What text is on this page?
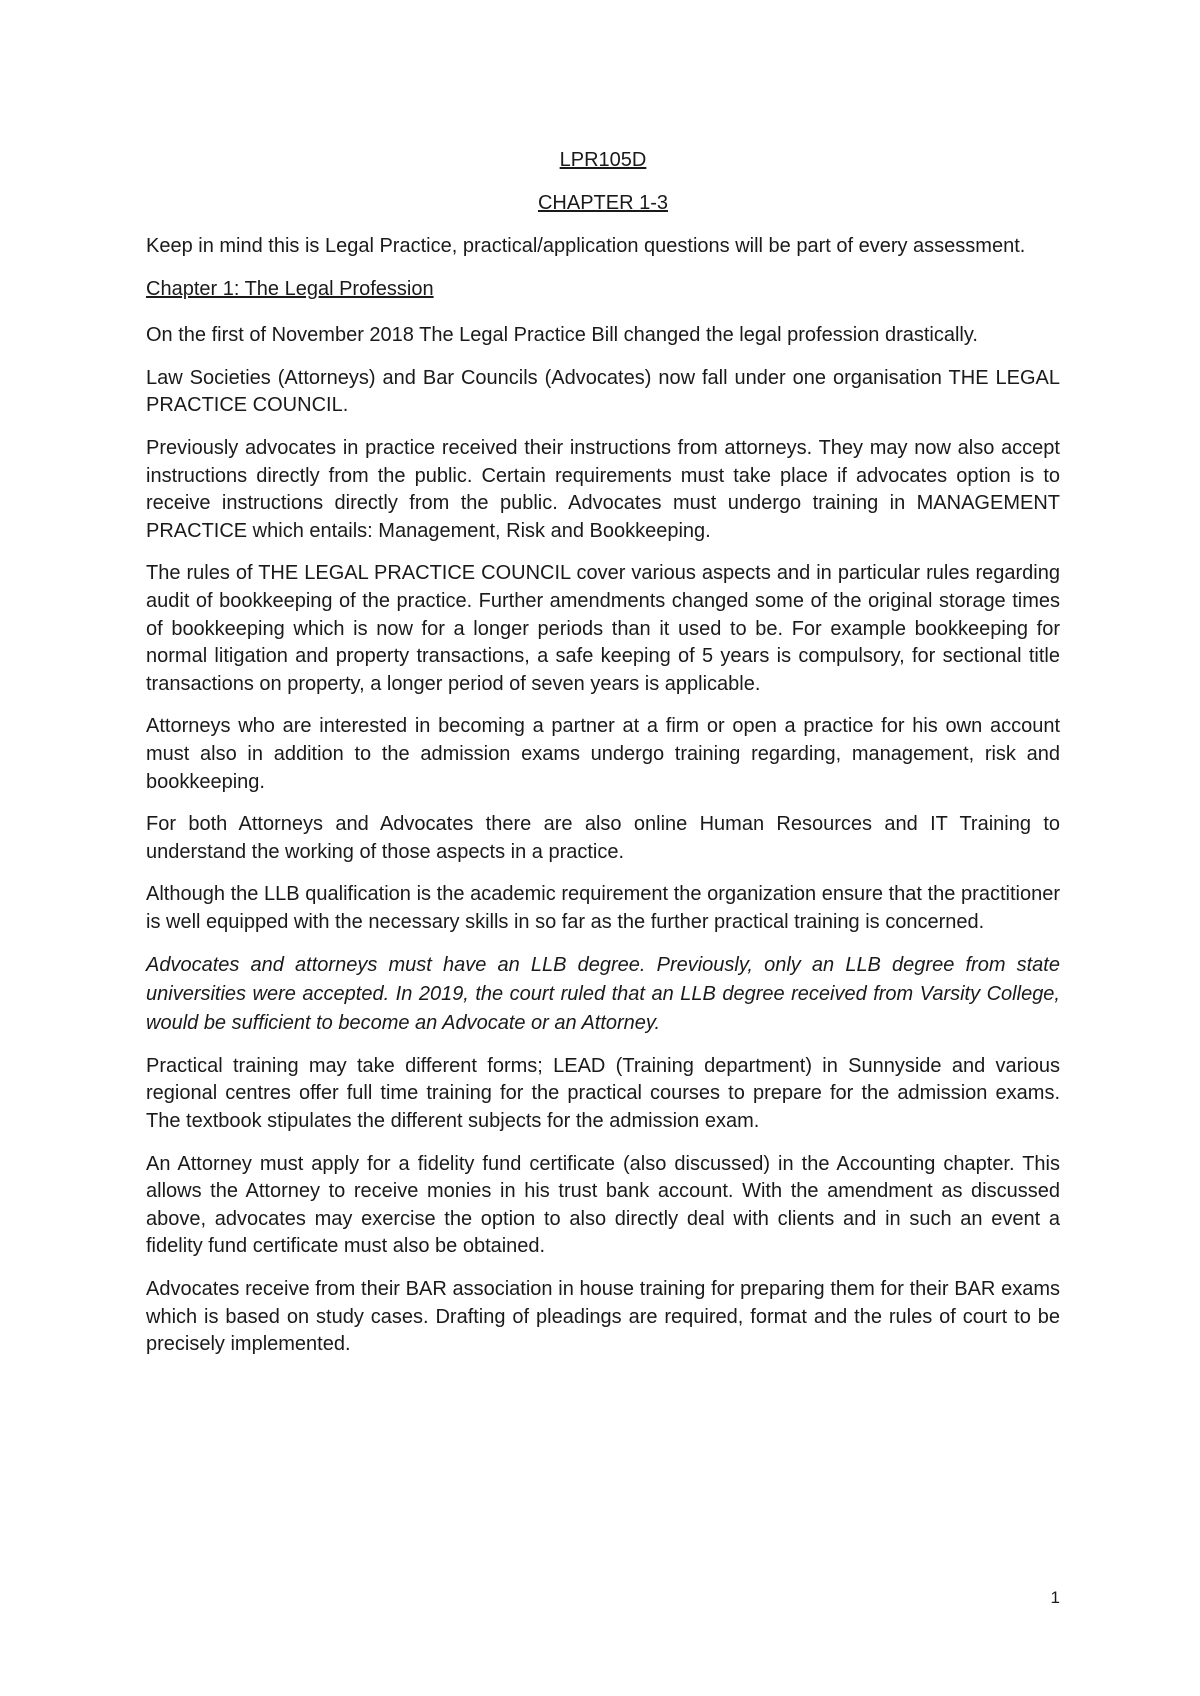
LPR105D
CHAPTER 1-3

Keep in mind this is Legal Practice, practical/application questions will be part of every assessment.

Chapter 1: The Legal Profession

On the first of November 2018 The Legal Practice Bill changed the legal profession drastically.

Law Societies (Attorneys) and Bar Councils (Advocates) now fall under one organisation THE LEGAL PRACTICE COUNCIL.

Previously advocates in practice received their instructions from attorneys. They may now also accept instructions directly from the public. Certain requirements must take place if advocates option is to receive instructions directly from the public. Advocates must undergo training in MANAGEMENT PRACTICE which entails: Management, Risk and Bookkeeping.

The rules of THE LEGAL PRACTICE COUNCIL cover various aspects and in particular rules regarding audit of bookkeeping of the practice. Further amendments changed some of the original storage times of bookkeeping which is now for a longer periods than it used to be. For example bookkeeping for normal litigation and property transactions, a safe keeping of 5 years is compulsory, for sectional title transactions on property, a longer period of seven years is applicable.

Attorneys who are interested in becoming a partner at a firm or open a practice for his own account must also in addition to the admission exams undergo training regarding, management, risk and bookkeeping.

For both Attorneys and Advocates there are also online Human Resources and IT Training to understand the working of those aspects in a practice.

Although the LLB qualification is the academic requirement the organization ensure that the practitioner is well equipped with the necessary skills in so far as the further practical training is concerned.

Advocates and attorneys must have an LLB degree. Previously, only an LLB degree from state universities were accepted. In 2019, the court ruled that an LLB degree received from Varsity College, would be sufficient to become an Advocate or an Attorney.

Practical training may take different forms; LEAD (Training department) in Sunnyside and various regional centres offer full time training for the practical courses to prepare for the admission exams. The textbook stipulates the different subjects for the admission exam.

An Attorney must apply for a fidelity fund certificate (also discussed) in the Accounting chapter. This allows the Attorney to receive monies in his trust bank account. With the amendment as discussed above, advocates may exercise the option to also directly deal with clients and in such an event a fidelity fund certificate must also be obtained.

Advocates receive from their BAR association in house training for preparing them for their BAR exams which is based on study cases. Drafting of pleadings are required, format and the rules of court to be precisely implemented.

1
